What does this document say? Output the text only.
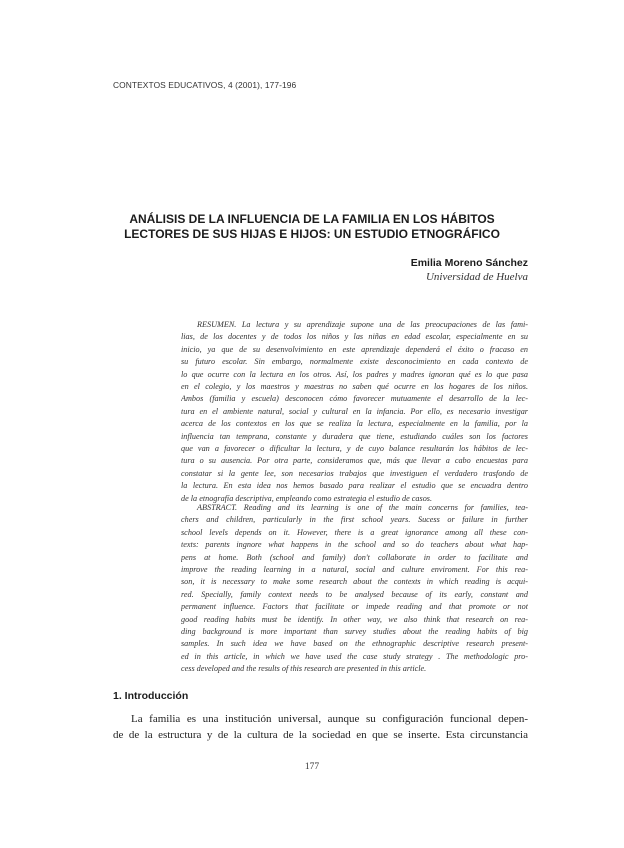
CONTEXTOS EDUCATIVOS, 4 (2001), 177-196
ANÁLISIS DE LA INFLUENCIA DE LA FAMILIA EN LOS HÁBITOS
LECTORES DE SUS HIJAS E HIJOS: UN ESTUDIO ETNOGRÁFICO
Emilia Moreno Sánchez
Universidad de Huelva
RESUMEN. La lectura y su aprendizaje supone una de las preocupaciones de las fami-
lias, de los docentes y de todos los niños y las niñas en edad escolar, especialmente en su
inicio, ya que de su desenvolvimiento en este aprendizaje dependerá el éxito o fracaso en
su futuro escolar. Sin embargo, normalmente existe desconocimiento en cada contexto de
lo que ocurre con la lectura en los otros. Así, los padres y madres ignoran qué es lo que pasa
en el colegio, y los maestros y maestras no saben qué ocurre en los hogares de los niños.
Ambos (familia y escuela) desconocen cómo favorecer mutuamente el desarrollo de la lec-
tura en el ambiente natural, social y cultural en la infancia. Por ello, es necesario investigar
acerca de los contextos en los que se realiza la lectura, especialmente en la familia, por la
influencia tan temprana, constante y duradera que tiene, estudiando cuáles son los factores
que van a favorecer o dificultar la lectura, y de cuyo balance resultarán los hábitos de lec-
tura o su ausencia. Por otra parte, consideramos que, más que llevar a cabo encuestas para
constatar si la gente lee, son necesarios trabajos que investiguen el verdadero trasfondo de
la lectura. En esta idea nos hemos basado para realizar el estudio que se encuadra dentro
de la etnografía descriptiva, empleando como estrategia el estudio de casos.
ABSTRACT. Reading and its learning is one of the main concerns for families, tea-
chers and children, particularly in the first school years. Sucess or failure in further
school levels depends on it. However, there is a great ignorance among all these con-
texts: parents ingnore what happens in the school and so do teachers about what hap-
pens at home. Both (school and family) don't collaborate in order to facilitate and
improve the reading learning in a natural, social and culture enviroment. For this rea-
son, it is necessary to make some research about the contexts in which reading is acqui-
red. Specially, family context needs to be analysed because of its early, constant and
permanent influence. Factors that facilitate or impede reading and that promote or not
good reading habits must be identify. In other way, we also think that research on rea-
ding background is more important than survey studies about the reading habits of big
samples. In such idea we have based on the ethnographic descriptive research present-
ed in this article, in which we have used the case study strategy . The methodologic pro-
cess developed and the results of this research are presented in this article.
1. Introducción
La familia es una institución universal, aunque su configuración funcional depen-
de de la estructura y de la cultura de la sociedad en que se inserte. Esta circunstancia
177
